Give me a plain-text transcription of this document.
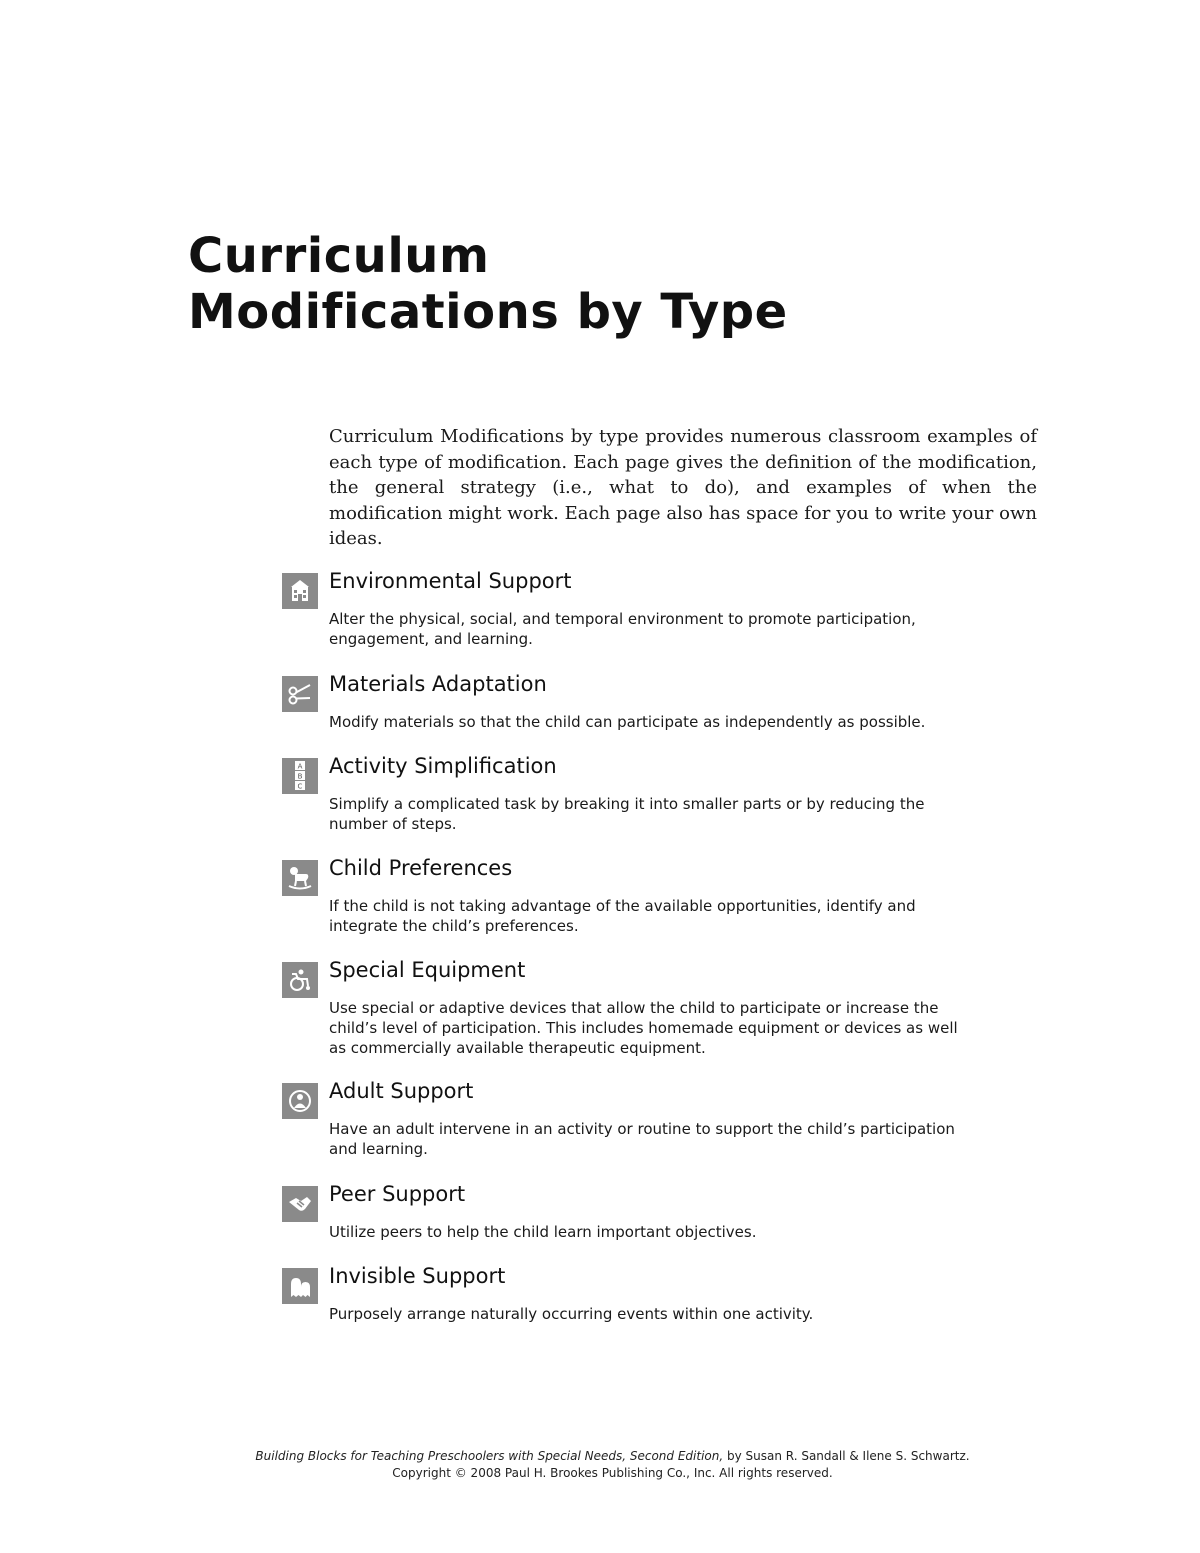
Curriculum
Modifications by Type

Curriculum Modifications by type provides numerous classroom examples of each type of modification. Each page gives the definition of the modification, the general strategy (i.e., what to do), and examples of when the modification might work. Each page also has space for you to write your own ideas.

Environmental Support

Alter the physical, social, and temporal environment to promote participation, engagement, and learning.

Materials Adaptation

Modify materials so that the child can participate as independently as possible.

A
B
C
Activity Simplification

Simplify a complicated task by breaking it into smaller parts or by reducing the number of steps.

Child Preferences

If the child is not taking advantage of the available opportunities, identify and integrate the child’s preferences.

Special Equipment

Use special or adaptive devices that allow the child to participate or increase the child’s level of participation. This includes homemade equipment or devices as well as commercially available therapeutic equipment.

Adult Support

Have an adult intervene in an activity or routine to support the child’s participation and learning.

Peer Support

Utilize peers to help the child learn important objectives.

Invisible Support

Purposely arrange naturally occurring events within one activity.

Building Blocks for Teaching Preschoolers with Special Needs, Second Edition, by Susan R. Sandall & Ilene S. Schwartz.
Copyright © 2008 Paul H. Brookes Publishing Co., Inc. All rights reserved.
